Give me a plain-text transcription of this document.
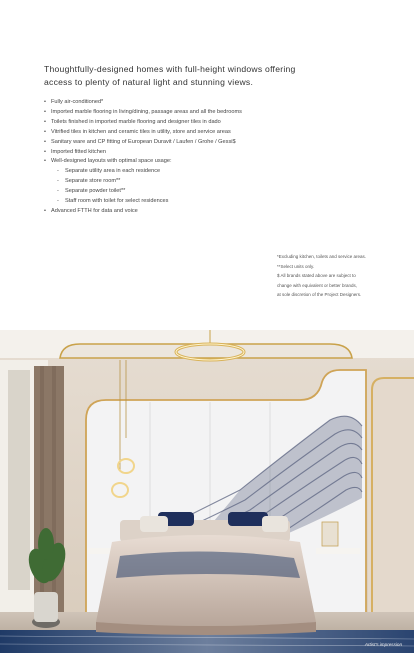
Thoughtfully-designed homes with full-height windows offering
access to plenty of natural light and stunning views.
• Fully air-conditioned*
• Imported marble flooring in living/dining, passage areas and all the bedrooms
• Toilets finished in imported marble flooring and designer tiles in dado
• Vitrified tiles in kitchen and ceramic tiles in utility, store and service areas
• Sanitary ware and CP fitting of European Duravit / Laufen / Grohe / Gessi$
• Imported fitted kitchen
• Well-designed layouts with optimal space usage:
- Separate utility area in each residence
- Separate store room**
- Separate powder toilet**
- Staff room with toilet for select residences
• Advanced FTTH for data and voice
*Excluding kitchen, toilets and service areas.
**Select units only.
$ All brands stated above are subject to
change with equivalent or better brands,
at sole discretion of the Project Designers.
Artist's impression
